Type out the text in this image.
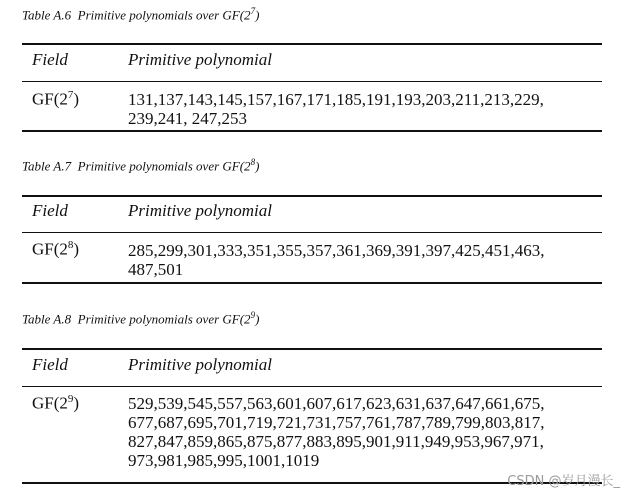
Table A.6 Primitive polynomials over $GF(2^7)$
Field	Primitive polynomial
$GF(2^7)$	131,137,143,145,157,167,171,185,191,193,203,211,213,229,
239,241, 247,253
Table A.7 Primitive polynomials over $GF(2^8)$
Field	Primitive polynomial
$GF(2^8)$	285,299,301,333,351,355,357,361,369,391,397,425,451,463,
487,501
Table A.8 Primitive polynomials over $GF(2^9)$
Field	Primitive polynomial
$GF(2^9)$	529,539,545,557,563,601,607,617,623,631,637,647,661,675,
677,687,695,701,719,721,731,757,761,787,789,799,803,817,
827,847,859,865,875,877,883,895,901,911,949,953,967,971,
973,981,985,995,1001,1019
CSDN @岁月漫长_
